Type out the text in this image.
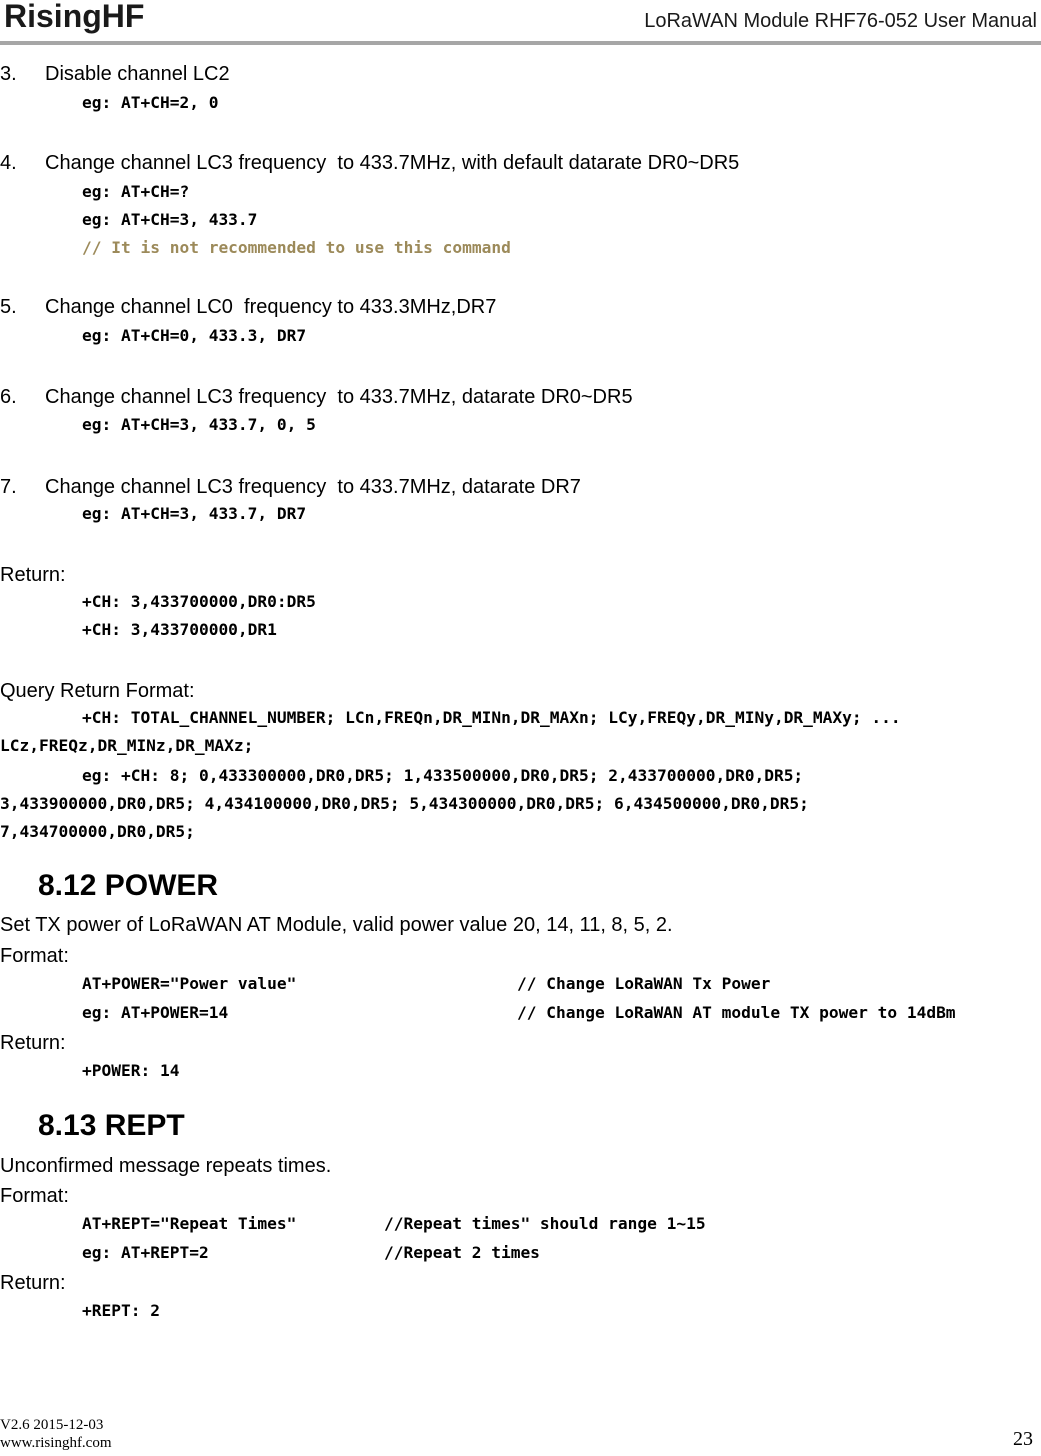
RisingHF	LoRaWAN Module RHF76-052 User Manual
3. Disable channel LC2
eg: AT+CH=2, 0
4. Change channel LC3 frequency  to 433.7MHz, with default datarate DR0~DR5
eg: AT+CH=?
eg: AT+CH=3, 433.7
// It is not recommended to use this command
5. Change channel LC0  frequency to 433.3MHz,DR7
eg: AT+CH=0, 433.3, DR7
6. Change channel LC3 frequency  to 433.7MHz, datarate DR0~DR5
eg: AT+CH=3, 433.7, 0, 5
7. Change channel LC3 frequency  to 433.7MHz, datarate DR7
eg: AT+CH=3, 433.7, DR7
Return:
+CH: 3,433700000,DR0:DR5
+CH: 3,433700000,DR1
Query Return Format:
+CH: TOTAL_CHANNEL_NUMBER; LCn,FREQn,DR_MINn,DR_MAXn; LCy,FREQy,DR_MINy,DR_MAXy; ...
LCz,FREQz,DR_MINz,DR_MAXz;
eg: +CH: 8; 0,433300000,DR0,DR5; 1,433500000,DR0,DR5; 2,433700000,DR0,DR5;
3,433900000,DR0,DR5; 4,434100000,DR0,DR5; 5,434300000,DR0,DR5; 6,434500000,DR0,DR5;
7,434700000,DR0,DR5;
8.12 POWER
Set TX power of LoRaWAN AT Module, valid power value 20, 14, 11, 8, 5, 2.
Format:
AT+POWER="Power value"	// Change LoRaWAN Tx Power
eg: AT+POWER=14	// Change LoRaWAN AT module TX power to 14dBm
Return:
+POWER: 14
8.13 REPT
Unconfirmed message repeats times.
Format:
AT+REPT="Repeat Times"	//Repeat times" should range 1~15
eg: AT+REPT=2	//Repeat 2 times
Return:
+REPT: 2
V2.6 2015-12-03
www.risinghf.com	23
